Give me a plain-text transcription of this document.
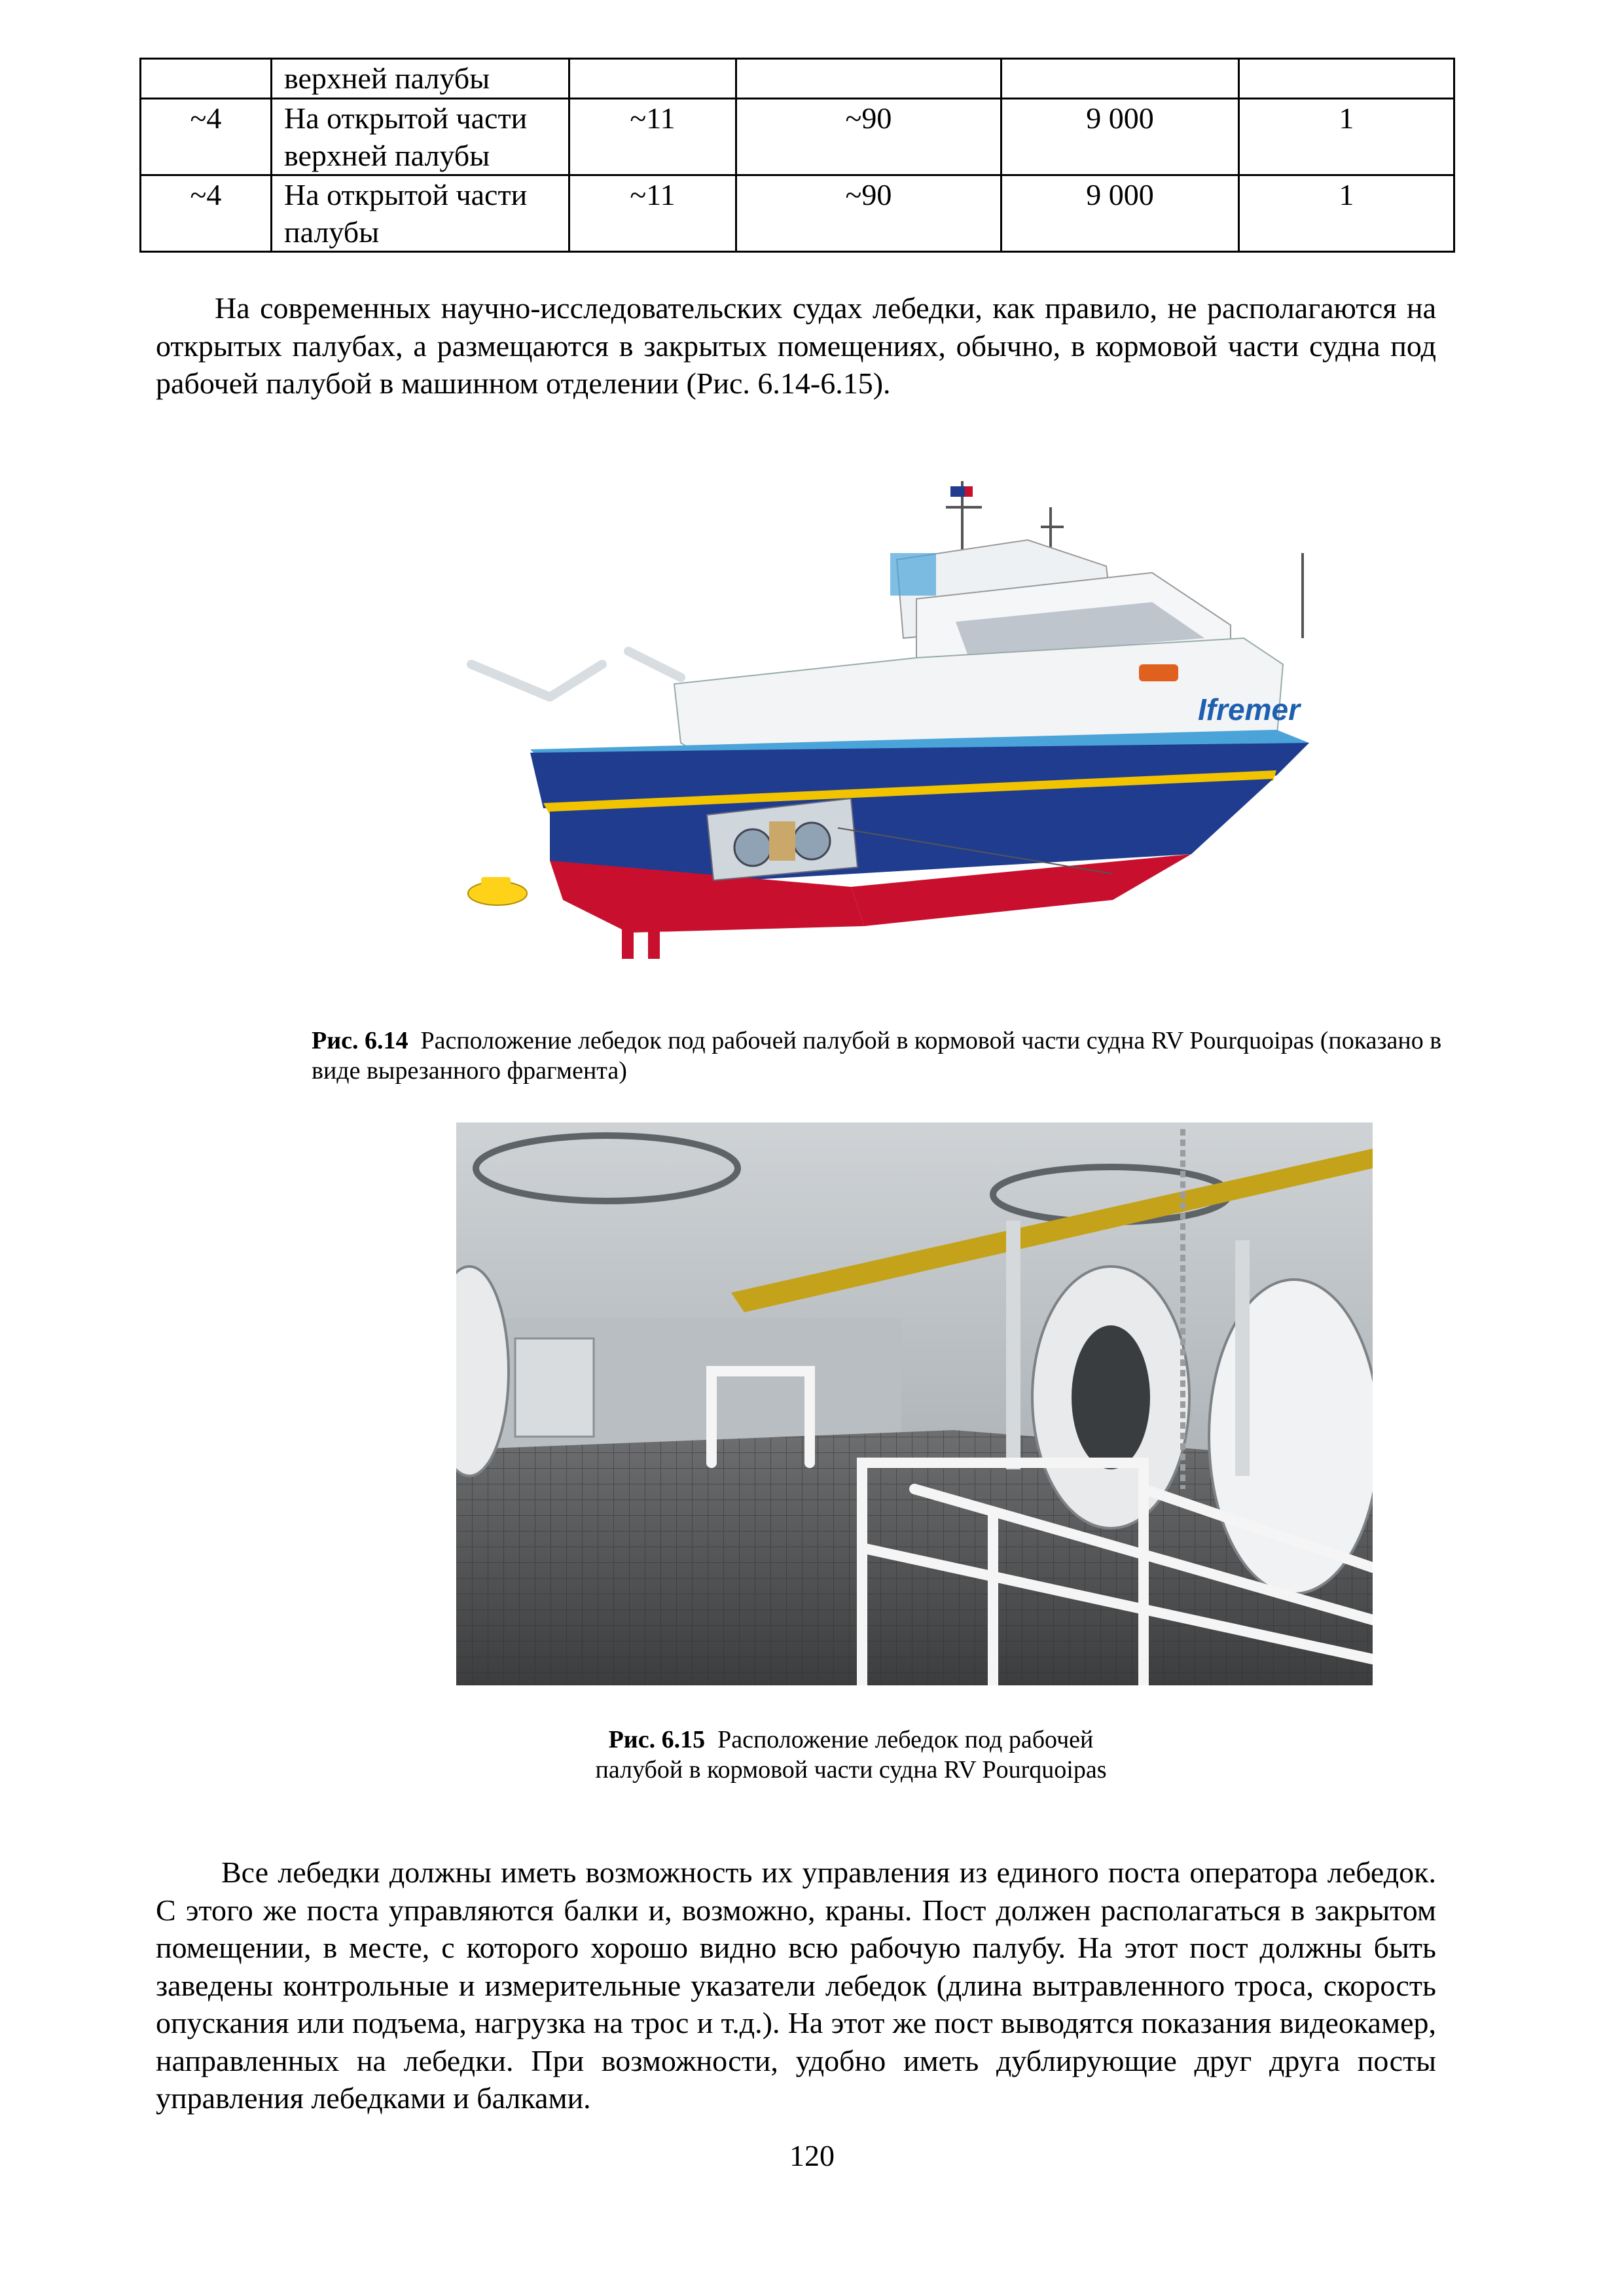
	верхней палубы				
~4	На открытой части верхней палубы	~11	~90	9 000	1
~4	На открытой части палубы	~11	~90	9 000	1

На современных научно-исследовательских судах лебедки, как правило, не располагаются на открытых палубах, а размещаются в закрытых помещениях, обычно, в кормовой части судна под рабочей палубой в машинном отделении (Рис. 6.14-6.15).

Ifremer

Рис. 6.14 Расположение лебедок под рабочей палубой в кормовой части судна RV Pourquoipas (показано в виде вырезанного фрагмента)

Рис. 6.15 Расположение лебедок под рабочей
палубой в кормовой части судна RV Pourquoipas

Все лебедки должны иметь возможность их управления из единого поста оператора лебедок. С этого же поста управляются балки и, возможно, краны. Пост должен располагаться в закрытом помещении, в месте, с которого хорошо видно всю рабочую палубу. На этот пост должны быть заведены контрольные и измерительные указатели лебедок (длина вытравленного троса, скорость опускания или подъема, нагрузка на трос и т.д.). На этот же пост выводятся показания видеокамер, направленных на лебедки. При возможности, удобно иметь дублирующие друг друга посты управления лебедками и балками.

120
